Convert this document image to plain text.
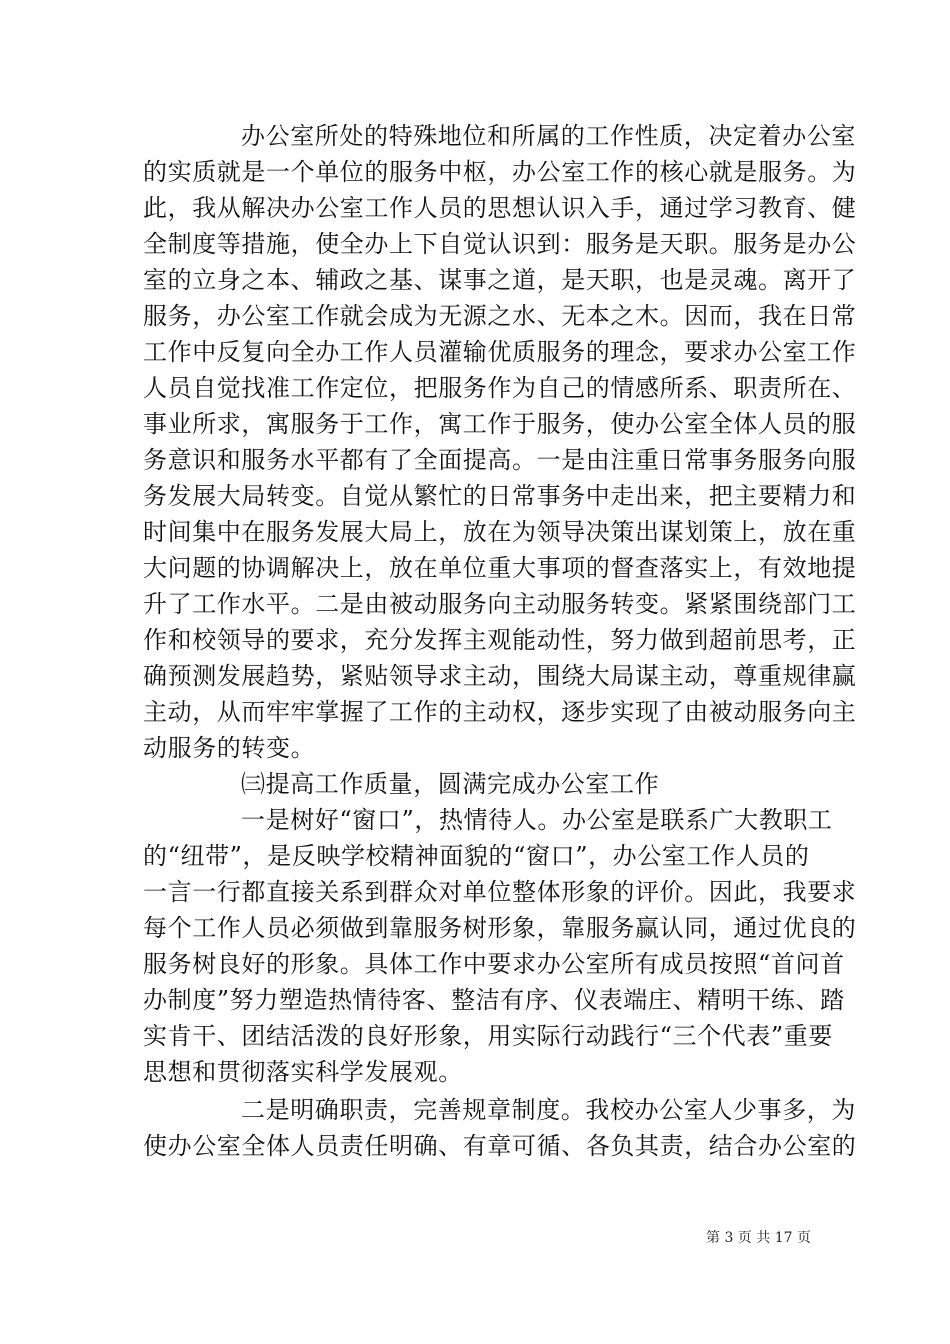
办公室所处的特殊地位和所属的工作性质，决定着办公室
的实质就是一个单位的服务中枢，办公室工作的核心就是服务。为
此，我从解决办公室工作人员的思想认识入手，通过学习教育、健
全制度等措施，使全办上下自觉认识到：服务是天职。服务是办公
室的立身之本、辅政之基、谋事之道，是天职，也是灵魂。离开了
服务，办公室工作就会成为无源之水、无本之木。因而，我在日常
工作中反复向全办工作人员灌输优质服务的理念，要求办公室工作
人员自觉找准工作定位，把服务作为自己的情感所系、职责所在、
事业所求，寓服务于工作，寓工作于服务，使办公室全体人员的服
务意识和服务水平都有了全面提高。一是由注重日常事务服务向服
务发展大局转变。自觉从繁忙的日常事务中走出来，把主要精力和
时间集中在服务发展大局上，放在为领导决策出谋划策上，放在重
大问题的协调解决上，放在单位重大事项的督查落实上，有效地提
升了工作水平。二是由被动服务向主动服务转变。紧紧围绕部门工
作和校领导的要求，充分发挥主观能动性，努力做到超前思考，正
确预测发展趋势，紧贴领导求主动，围绕大局谋主动，尊重规律赢
主动，从而牢牢掌握了工作的主动权，逐步实现了由被动服务向主
动服务的转变。
㈢提高工作质量，圆满完成办公室工作
一是树好“窗口”，热情待人。办公室是联系广大教职工
的“纽带”，是反映学校精神面貌的“窗口”，办公室工作人员的
一言一行都直接关系到群众对单位整体形象的评价。因此，我要求
每个工作人员必须做到靠服务树形象，靠服务赢认同，通过优良的
服务树良好的形象。具体工作中要求办公室所有成员按照“首问首
办制度”努力塑造热情待客、整洁有序、仪表端庄、精明干练、踏
实肯干、团结活泼的良好形象，用实际行动践行“三个代表”重要
思想和贯彻落实科学发展观。
二是明确职责，完善规章制度。我校办公室人少事多，为
使办公室全体人员责任明确、有章可循、各负其责，结合办公室的
第 3 页 共 17 页
